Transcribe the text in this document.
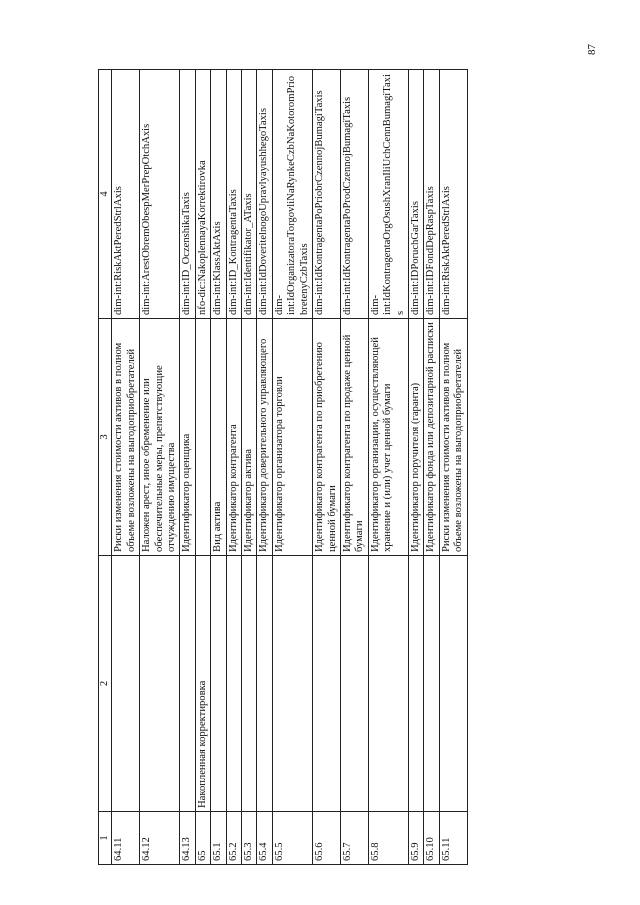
87
1	2	3	4
64.11		Риски изменения стоимости активов в полном объеме возложены на выгодоприобретателей	dim-int:RiskAktPeredStrlAxis
64.12		Наложен арест, иное обременение или обеспечительные меры, препятствующие отчуждению имущества	dim-int:ArestObremObespMerPrepOtchAxis
64.13		Идентификатор оценщика	dim-int:ID_OczenshikaTaxis
65	Накопленная корректировка		nfo-dic:NakoplennayaKorrektirovka
65.1		Вид актива	dim-int:KlassAktAxis
65.2		Идентификатор контрагента	dim-int:ID_KontragentaTaxis
65.3		Идентификатор актива	dim-int:Identifikator_ATaxis
65.4		Идентификатор доверительного управляющего	dim-int:IdDoveritelnogoUpravlyayushhegoTaxis
65.5		Идентификатор организатора торговли	dim-int:IdOrganizatoraTorgovliNaRynkeCzbNaKotoromPriobretenyCzbTaxis
65.6		Идентификатор контрагента по приобретению ценной бумаги	dim-int:IdKontragentaPoPriobrCzennojBumagiTaxis
65.7		Идентификатор контрагента по продаже ценной бумаги	dim-int:IdKontragentaPoProdCzennojBumagiTaxis
65.8		Идентификатор организации, осуществляющей хранение и (или) учет ценной бумаги	dim-int:IdKontragentaOrgOsushXranIliUchCennBumagiTaxis
65.9		Идентификатор поручителя (гаранта)	dim-int:IDPoruchGarTaxis
65.10		Идентификатор фонда или депозитарной расписки	dim-int:IDFondDepRaspTaxis
65.11		Риски изменения стоимости активов в полном объеме возложены на выгодоприобретателей	dim-int:RiskAktPeredStrlAxis
